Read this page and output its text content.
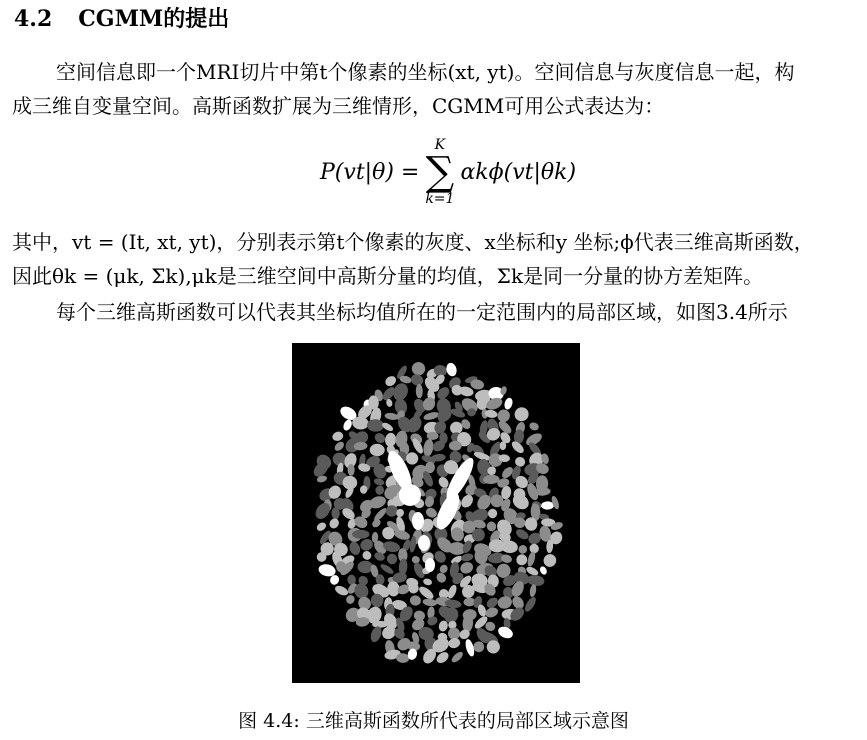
4.2 CGMM的提出
空间信息即一个MRI切片中第t个像素的坐标(xt, yt)。空间信息与灰度信息一起，构
成三维自变量空间。高斯函数扩展为三维情形，CGMM可用公式表达为：
P(vt|θ) =
K
∑
k=1
αkϕ(vt|θk)
其中，vt = (It, xt, yt)，分别表示第t个像素的灰度、x坐标和y 坐标;ϕ代表三维高斯函数，
因此θk = (μk, Σk),μk是三维空间中高斯分量的均值，Σk是同一分量的协方差矩阵。
每个三维高斯函数可以代表其坐标均值所在的一定范围内的局部区域，如图3.4所示
图 4.4: 三维高斯函数所代表的局部区域示意图
